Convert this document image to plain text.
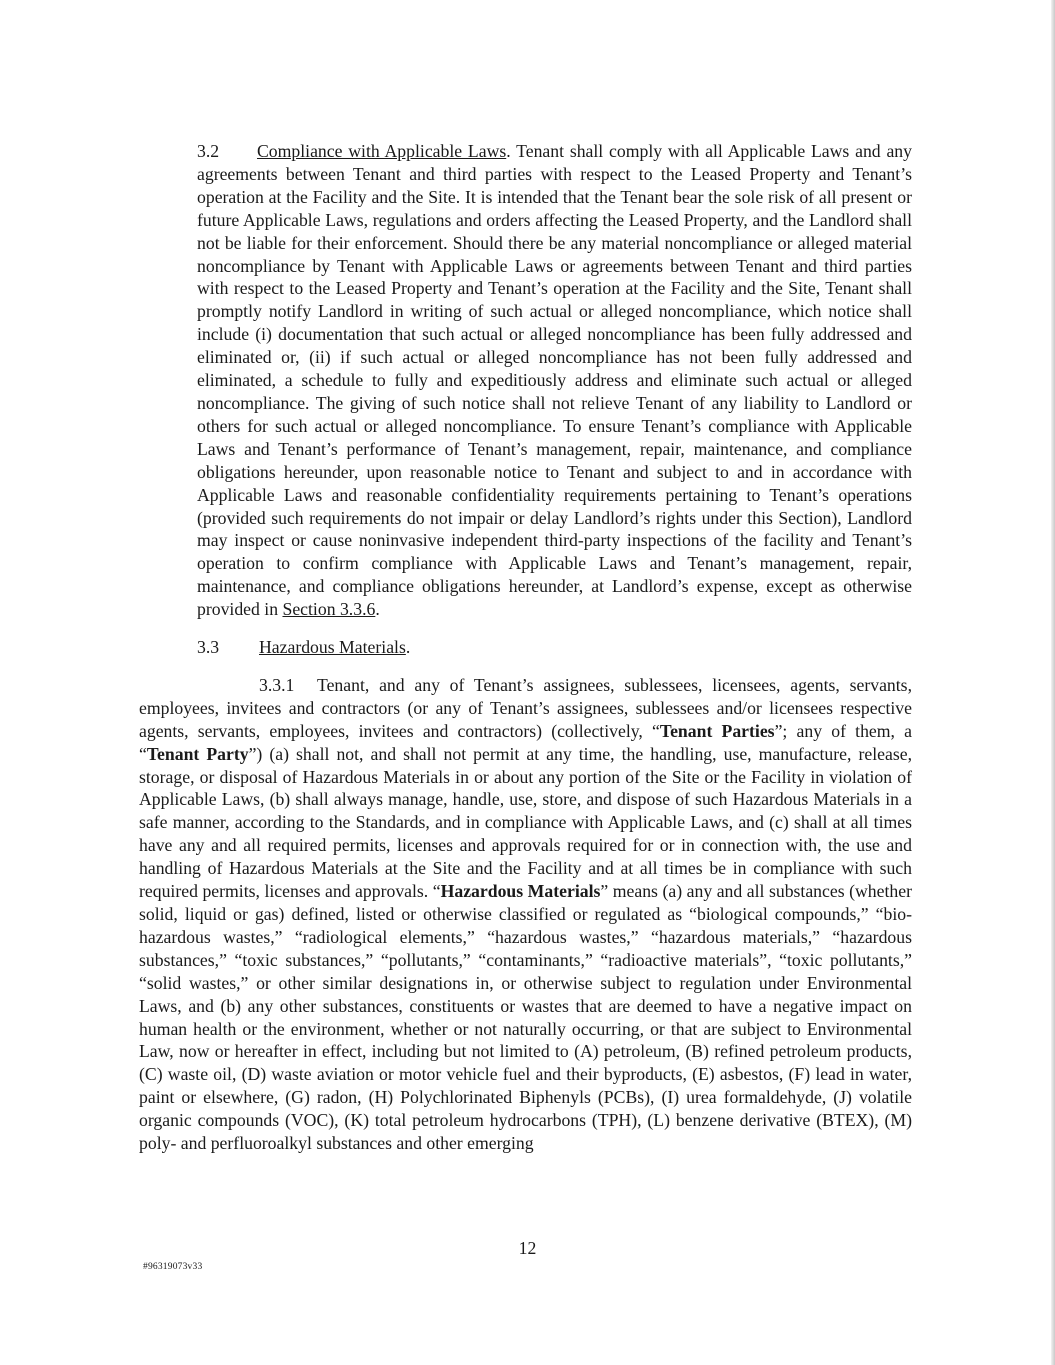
3.2 Compliance with Applicable Laws. Tenant shall comply with all Applicable Laws and any agreements between Tenant and third parties with respect to the Leased Property and Tenant’s operation at the Facility and the Site. It is intended that the Tenant bear the sole risk of all present or future Applicable Laws, regulations and orders affecting the Leased Property, and the Landlord shall not be liable for their enforcement. Should there be any material noncompliance or alleged material noncompliance by Tenant with Applicable Laws or agreements between Tenant and third parties with respect to the Leased Property and Tenant’s operation at the Facility and the Site, Tenant shall promptly notify Landlord in writing of such actual or alleged noncompliance, which notice shall include (i) documentation that such actual or alleged noncompliance has been fully addressed and eliminated or, (ii) if such actual or alleged noncompliance has not been fully addressed and eliminated, a schedule to fully and expeditiously address and eliminate such actual or alleged noncompliance. The giving of such notice shall not relieve Tenant of any liability to Landlord or others for such actual or alleged noncompliance. To ensure Tenant’s compliance with Applicable Laws and Tenant’s performance of Tenant’s management, repair, maintenance, and compliance obligations hereunder, upon reasonable notice to Tenant and subject to and in accordance with Applicable Laws and reasonable confidentiality requirements pertaining to Tenant’s operations (provided such requirements do not impair or delay Landlord’s rights under this Section), Landlord may inspect or cause noninvasive independent third-party inspections of the facility and Tenant’s operation to confirm compliance with Applicable Laws and Tenant’s management, repair, maintenance, and compliance obligations hereunder, at Landlord’s expense, except as otherwise provided in Section 3.3.6.

3.3 Hazardous Materials.

3.3.1 Tenant, and any of Tenant’s assignees, sublessees, licensees, agents, servants, employees, invitees and contractors (or any of Tenant’s assignees, sublessees and/or licensees respective agents, servants, employees, invitees and contractors) (collectively, “Tenant Parties”; any of them, a “Tenant Party”) (a) shall not, and shall not permit at any time, the handling, use, manufacture, release, storage, or disposal of Hazardous Materials in or about any portion of the Site or the Facility in violation of Applicable Laws, (b) shall always manage, handle, use, store, and dispose of such Hazardous Materials in a safe manner, according to the Standards, and in compliance with Applicable Laws, and (c) shall at all times have any and all required permits, licenses and approvals required for or in connection with, the use and handling of Hazardous Materials at the Site and the Facility and at all times be in compliance with such required permits, licenses and approvals. “Hazardous Materials” means (a) any and all substances (whether solid, liquid or gas) defined, listed or otherwise classified or regulated as “biological compounds,” “bio-hazardous wastes,” “radiological elements,” “hazardous wastes,” “hazardous materials,” “hazardous substances,” “toxic substances,” “pollutants,” “contaminants,” “radioactive materials”, “toxic pollutants,” “solid wastes,” or other similar designations in, or otherwise subject to regulation under Environmental Laws, and (b) any other substances, constituents or wastes that are deemed to have a negative impact on human health or the environment, whether or not naturally occurring, or that are subject to Environmental Law, now or hereafter in effect, including but not limited to (A) petroleum, (B) refined petroleum products, (C) waste oil, (D) waste aviation or motor vehicle fuel and their byproducts, (E) asbestos, (F) lead in water, paint or elsewhere, (G) radon, (H) Polychlorinated Biphenyls (PCBs), (I) urea formaldehyde, (J) volatile organic compounds (VOC), (K) total petroleum hydrocarbons (TPH), (L) benzene derivative (BTEX), (M) poly- and perfluoroalkyl substances and other emerging

12
#96319073v33
